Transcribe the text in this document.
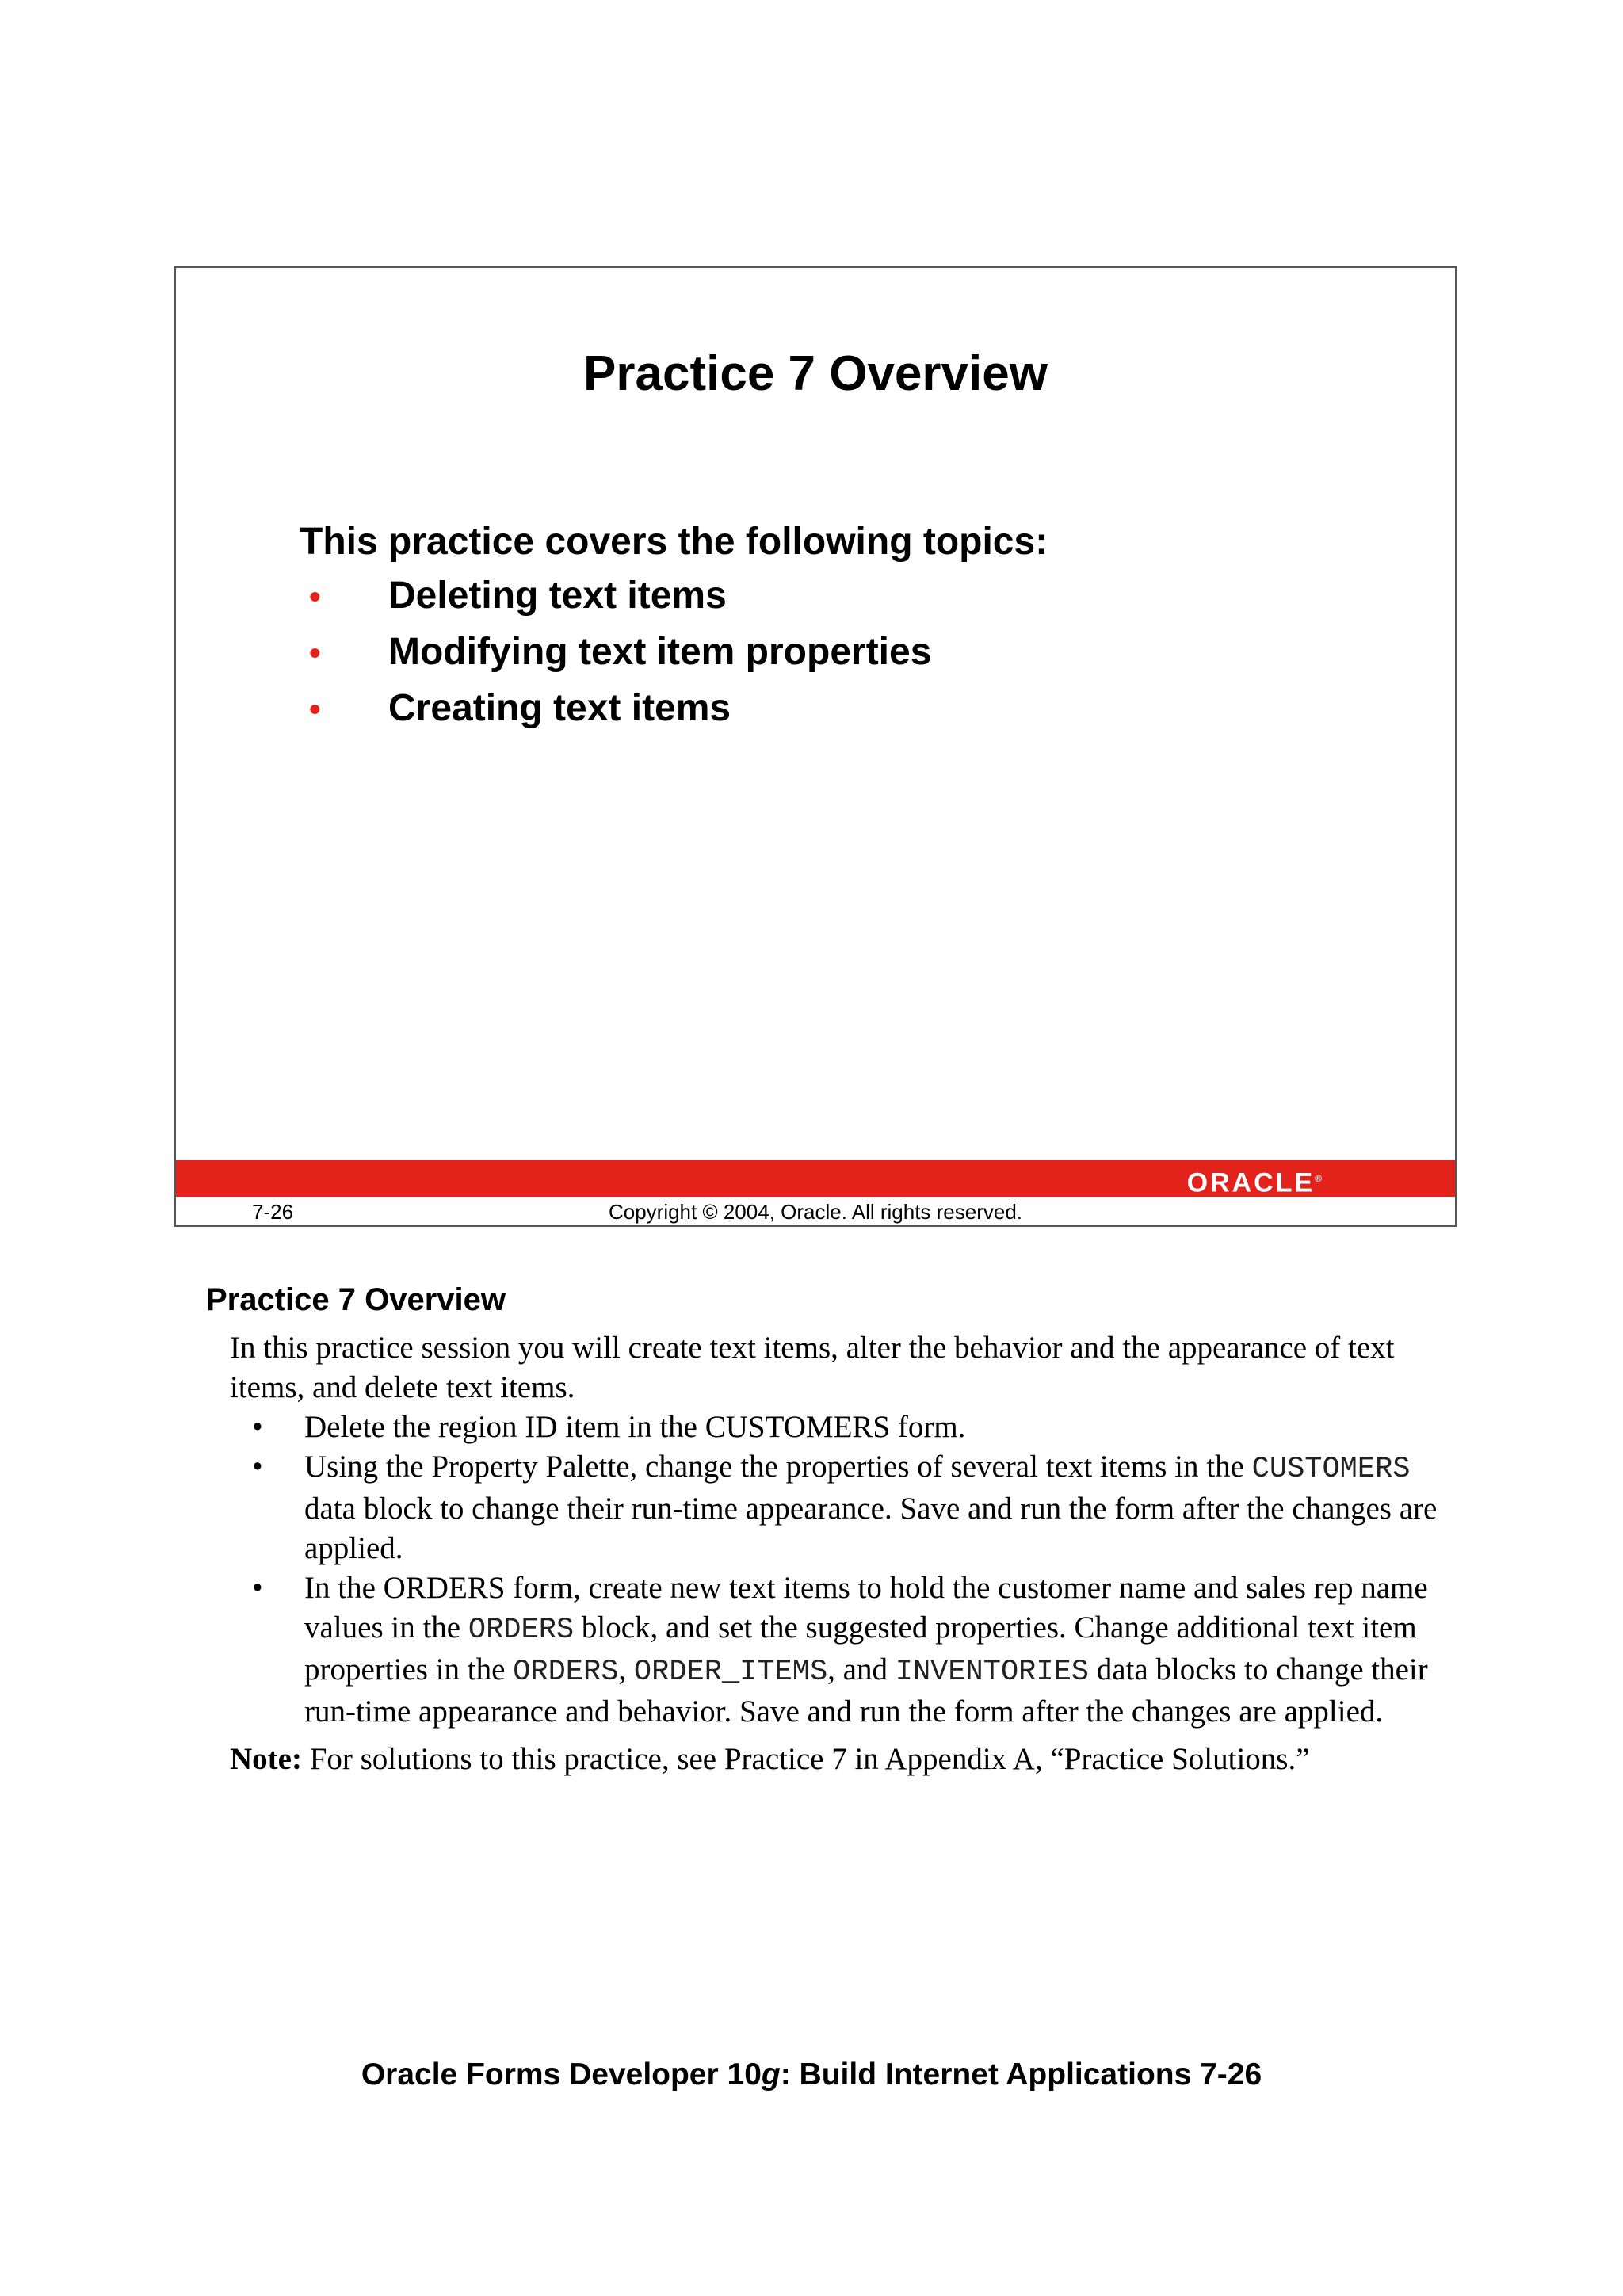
Practice 7 Overview
This practice covers the following topics:
•	Deleting text items
•	Modifying text item properties
•	Creating text items
ORACLE®
7-26	Copyright © 2004, Oracle. All rights reserved.
Practice 7 Overview

In this practice session you will create text items, alter the behavior and the appearance of text items, and delete text items.

• Delete the region ID item in the CUSTOMERS form.
• Using the Property Palette, change the properties of several text items in the CUSTOMERS data block to change their run-time appearance. Save and run the form after the changes are applied.
• In the ORDERS form, create new text items to hold the customer name and sales rep name values in the ORDERS block, and set the suggested properties. Change additional text item properties in the ORDERS, ORDER_ITEMS, and INVENTORIES data blocks to change their run-time appearance and behavior. Save and run the form after the changes are applied.

Note: For solutions to this practice, see Practice 7 in Appendix A, “Practice Solutions.”

Oracle Forms Developer 10g: Build Internet Applications 7-26
